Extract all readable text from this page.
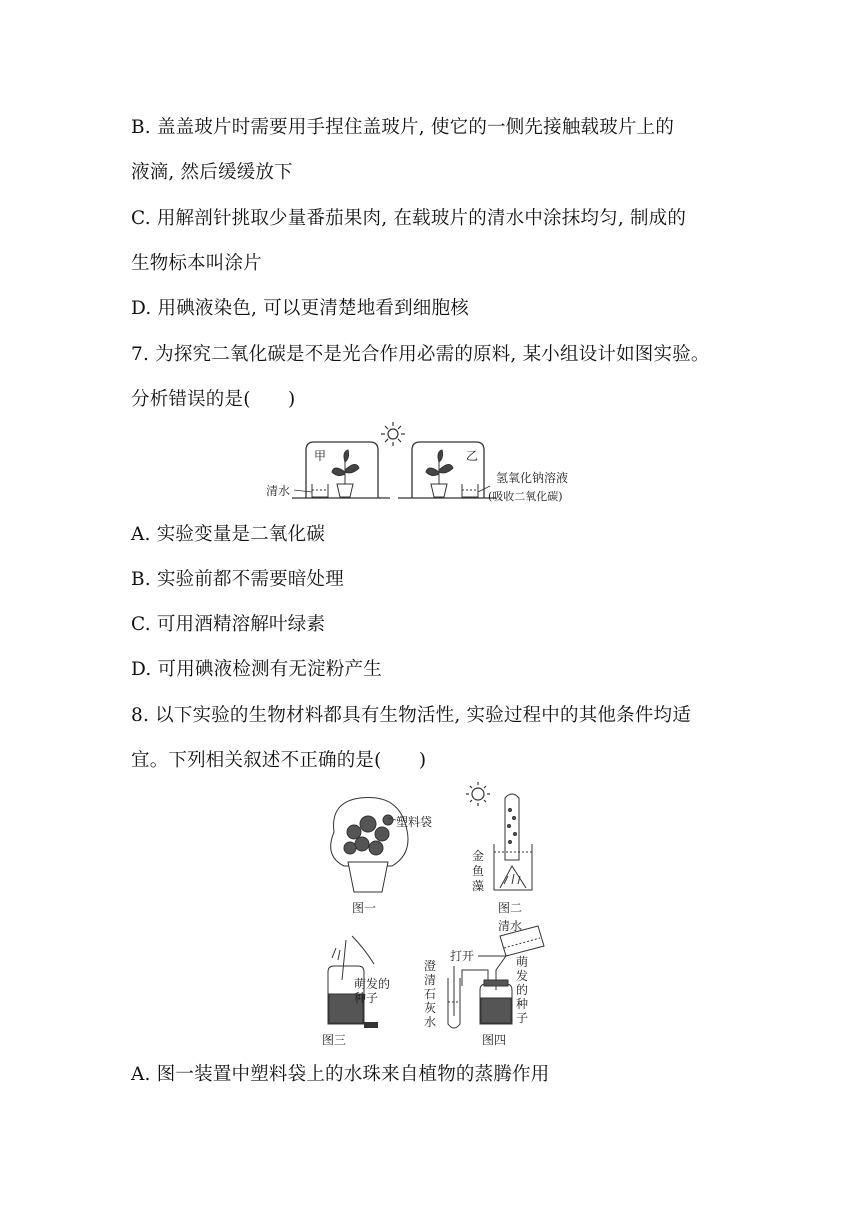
B. 盖盖玻片时需要用手捏住盖玻片, 使它的一侧先接触载玻片上的
液滴, 然后缓缓放下
C. 用解剖针挑取少量番茄果肉, 在载玻片的清水中涂抹均匀, 制成的
生物标本叫涂片
D. 用碘液染色, 可以更清楚地看到细胞核
7. 为探究二氧化碳是不是光合作用必需的原料, 某小组设计如图实验。
分析错误的是(　　)
甲
清水
乙
氢氧化钠溶液
(吸收二氧化碳)
A. 实验变量是二氧化碳
B. 实验前都不需要暗处理
C. 可用酒精溶解叶绿素
D. 可用碘液检测有无淀粉产生
8. 以下实验的生物材料都具有生物活性, 实验过程中的其他条件均适
宜。下列相关叙述不正确的是(　　)
塑料袋
图一
金
鱼
藻
图二
萌发的
种子
图三
清水
打开
澄
清
石
灰
水
萌
发
的
种
子
图四
A. 图一装置中塑料袋上的水珠来自植物的蒸腾作用
